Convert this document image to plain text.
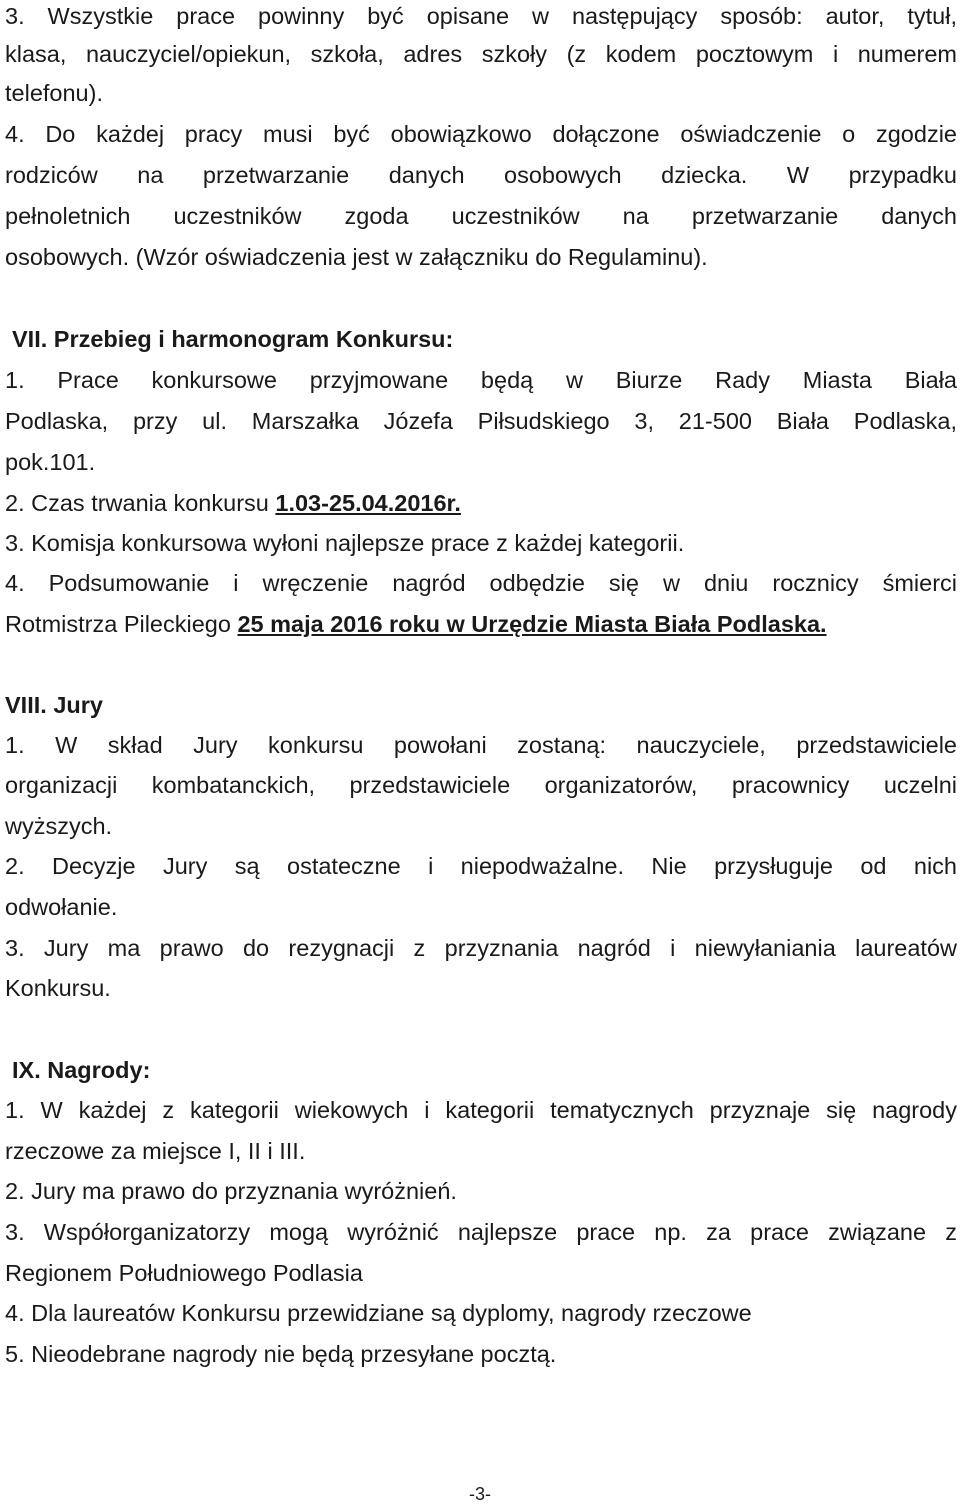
3. Wszystkie prace powinny być opisane w następujący sposób: autor, tytuł,
klasa, nauczyciel/opiekun, szkoła, adres szkoły (z kodem pocztowym i numerem
telefonu).
4. Do każdej pracy musi być obowiązkowo dołączone oświadczenie o zgodzie
rodziców na przetwarzanie danych osobowych dziecka. W przypadku
pełnoletnich uczestników zgoda uczestników na przetwarzanie danych
osobowych. (Wzór oświadczenia jest w załączniku do Regulaminu).
VII. Przebieg i harmonogram Konkursu:
1. Prace konkursowe przyjmowane będą w Biurze Rady Miasta Biała
Podlaska, przy ul. Marszałka Józefa Piłsudskiego 3, 21-500 Biała Podlaska,
pok.101.
2. Czas trwania konkursu 1.03-25.04.2016r.
3. Komisja konkursowa wyłoni najlepsze prace z każdej kategorii.
4. Podsumowanie i wręczenie nagród odbędzie się w dniu rocznicy śmierci
Rotmistrza Pileckiego 25 maja 2016 roku w Urzędzie Miasta Biała Podlaska.
VIII. Jury
1. W skład Jury konkursu powołani zostaną: nauczyciele, przedstawiciele
organizacji kombatanckich, przedstawiciele organizatorów, pracownicy uczelni
wyższych.
2. Decyzje Jury są ostateczne i niepodważalne. Nie przysługuje od nich
odwołanie.
3. Jury ma prawo do rezygnacji z przyznania nagród i niewyłaniania laureatów
Konkursu.
IX. Nagrody:
1. W każdej z kategorii wiekowych i kategorii tematycznych przyznaje się nagrody
rzeczowe za miejsce I, II i III.
2. Jury ma prawo do przyznania wyróżnień.
3. Współorganizatorzy mogą wyróżnić najlepsze prace np. za prace związane z
Regionem Południowego Podlasia
4. Dla laureatów Konkursu przewidziane są dyplomy, nagrody rzeczowe
5. Nieodebrane nagrody nie będą przesyłane pocztą.
-3-
